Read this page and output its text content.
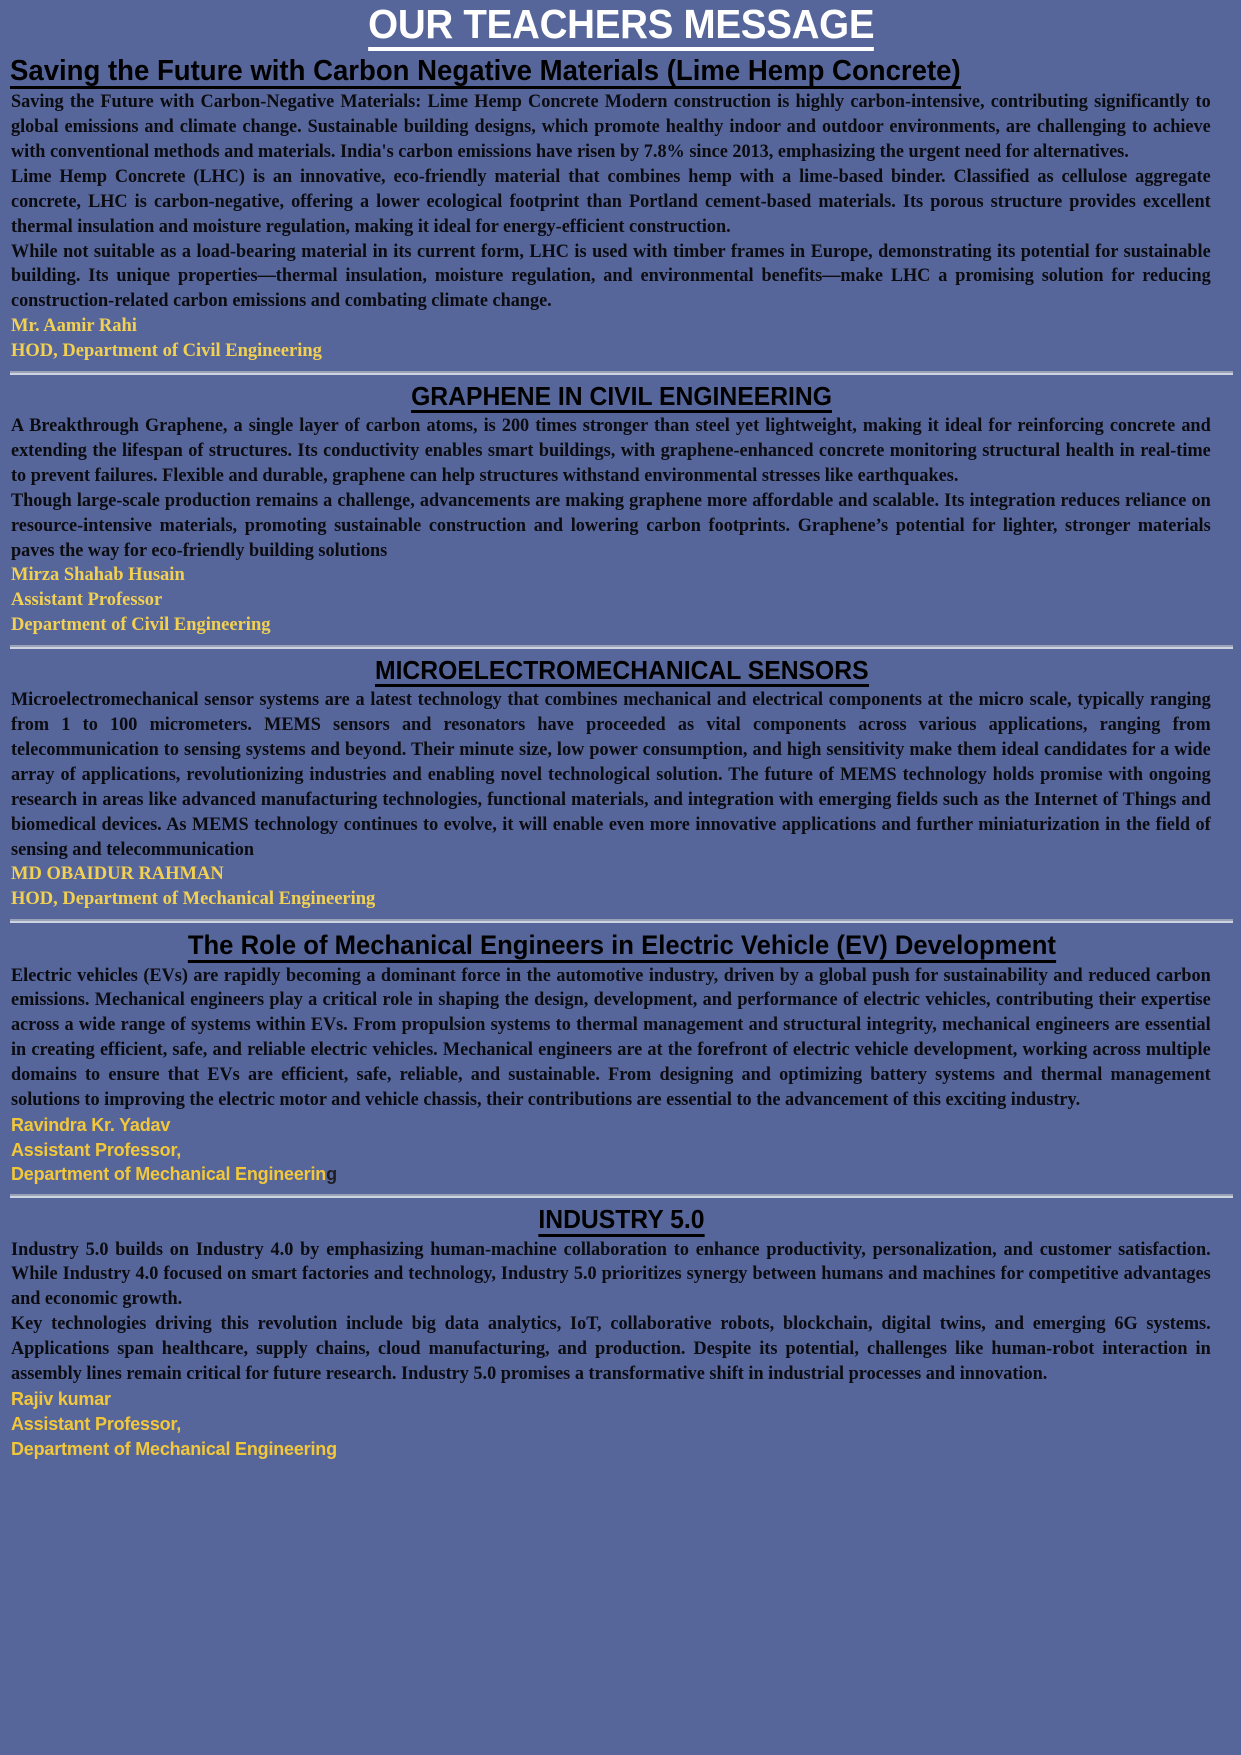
OUR TEACHERS MESSAGE
Saving the Future with Carbon Negative Materials (Lime Hemp Concrete)

Saving the Future with Carbon-Negative Materials: Lime Hemp Concrete Modern construction is highly carbon-intensive, contributing significantly to global emissions and climate change. Sustainable building designs, which promote healthy indoor and outdoor environments, are challenging to achieve with conventional methods and materials. India's carbon emissions have risen by 7.8% since 2013, emphasizing the urgent need for alternatives.

Lime Hemp Concrete (LHC) is an innovative, eco-friendly material that combines hemp with a lime-based binder. Classified as cellulose aggregate concrete, LHC is carbon-negative, offering a lower ecological footprint than Portland cement-based materials. Its porous structure provides excellent thermal insulation and moisture regulation, making it ideal for energy-efficient construction.

While not suitable as a load-bearing material in its current form, LHC is used with timber frames in Europe, demonstrating its potential for sustainable building. Its unique properties—thermal insulation, moisture regulation, and environmental benefits—make LHC a promising solution for reducing construction-related carbon emissions and combating climate change.

Mr. Aamir Rahi

HOD, Department of Civil Engineering

GRAPHENE IN CIVIL ENGINEERING

A Breakthrough Graphene, a single layer of carbon atoms, is 200 times stronger than steel yet lightweight, making it ideal for reinforcing concrete and extending the lifespan of structures. Its conductivity enables smart buildings, with graphene-enhanced concrete monitoring structural health in real-time to prevent failures. Flexible and durable, graphene can help structures withstand environmental stresses like earthquakes.

Though large-scale production remains a challenge, advancements are making graphene more affordable and scalable. Its integration reduces reliance on resource-intensive materials, promoting sustainable construction and lowering carbon footprints. Graphene’s potential for lighter, stronger materials paves the way for eco-friendly building solutions

Mirza Shahab Husain

Assistant Professor

Department of Civil Engineering

MICROELECTROMECHANICAL SENSORS

Microelectromechanical sensor systems are a latest technology that combines mechanical and electrical components at the micro scale, typically ranging from 1 to 100 micrometers. MEMS sensors and resonators have proceeded as vital components across various applications, ranging from telecommunication to sensing systems and beyond. Their minute size, low power consumption, and high sensitivity make them ideal candidates for a wide array of applications, revolutionizing industries and enabling novel technological solution. The future of MEMS technology holds promise with ongoing research in areas like advanced manufacturing technologies, functional materials, and integration with emerging fields such as the Internet of Things and biomedical devices. As MEMS technology continues to evolve, it will enable even more innovative applications and further miniaturization in the field of sensing and telecommunication

MD OBAIDUR RAHMAN

HOD, Department of Mechanical Engineering

The Role of Mechanical Engineers in Electric Vehicle (EV) Development

Electric vehicles (EVs) are rapidly becoming a dominant force in the automotive industry, driven by a global push for sustainability and reduced carbon emissions. Mechanical engineers play a critical role in shaping the design, development, and performance of electric vehicles, contributing their expertise across a wide range of systems within EVs. From propulsion systems to thermal management and structural integrity, mechanical engineers are essential in creating efficient, safe, and reliable electric vehicles. Mechanical engineers are at the forefront of electric vehicle development, working across multiple domains to ensure that EVs are efficient, safe, reliable, and sustainable. From designing and optimizing battery systems and thermal management solutions to improving the electric motor and vehicle chassis, their contributions are essential to the advancement of this exciting industry.

Ravindra Kr. Yadav

Assistant Professor,

Department of Mechanical Engineering

INDUSTRY 5.0

Industry 5.0 builds on Industry 4.0 by emphasizing human-machine collaboration to enhance productivity, personalization, and customer satisfaction. While Industry 4.0 focused on smart factories and technology, Industry 5.0 prioritizes synergy between humans and machines for competitive advantages and economic growth.

Key technologies driving this revolution include big data analytics, IoT, collaborative robots, blockchain, digital twins, and emerging 6G systems. Applications span healthcare, supply chains, cloud manufacturing, and production. Despite its potential, challenges like human-robot interaction in assembly lines remain critical for future research. Industry 5.0 promises a transformative shift in industrial processes and innovation.

Rajiv kumar

Assistant Professor,

Department of Mechanical Engineering
